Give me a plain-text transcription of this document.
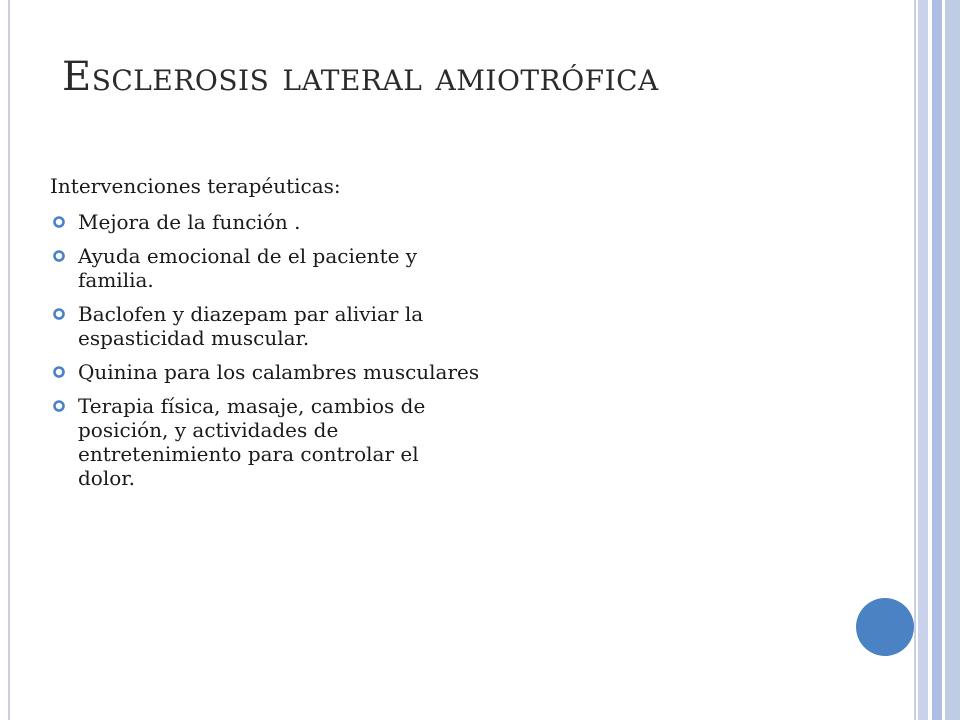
Esclerosis lateral amiotrófica
Intervenciones terapéuticas:
Mejora de la función .
Ayuda emocional de el paciente y familia.
Baclofen y diazepam par aliviar la espasticidad muscular.
Quinina para los calambres musculares
Terapia física, masaje, cambios de posición, y actividades de entretenimiento para controlar el dolor.
